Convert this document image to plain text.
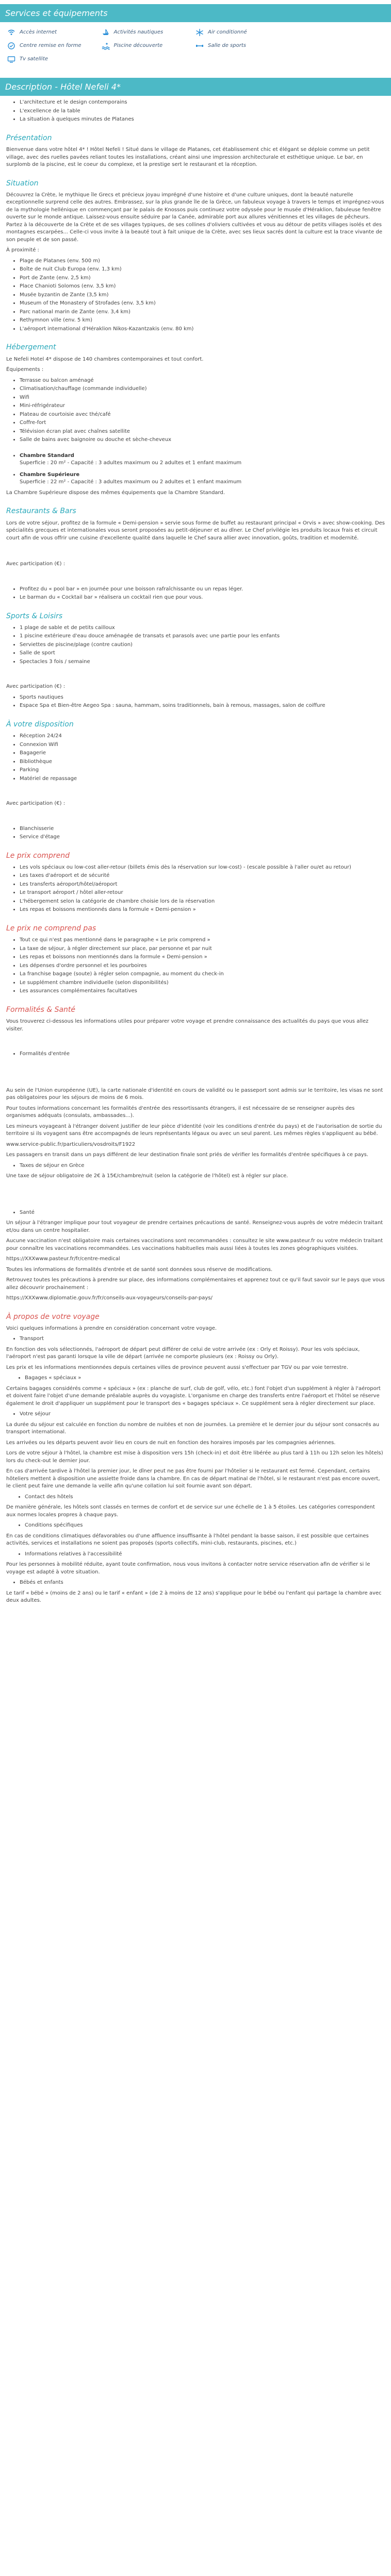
Services et équipements
Accès internet	Activités nautiques	Air conditionné
Centre remise en forme	Piscine découverte	Salle de sports
Tv satellite
Description - Hôtel Nefeli 4*
• L'architecture et le design contemporains
• L'excellence de la table
• La situation à quelques minutes de Platanes
Présentation

Bienvenue dans votre hôtel 4* ! Hôtel Nefeli ! Situé dans le village de Platanes, cet établissement chic et élégant se déploie comme un petit village, avec des ruelles pavées reliant toutes les installations, créant ainsi une impression architecturale et esthétique unique. Le bar, en surplomb de la piscine, est le coeur du complexe, et la prestige sert le restaurant et la réception.

Situation

Découvrez la Crète, le mythique île Grecs et précieux joyau imprégné d'une histoire et d'une culture uniques, dont la beauté naturelle exceptionnelle surprend celle des autres. Embrassez, sur la plus grande île de la Grèce, un fabuleux voyage à travers le temps et imprégnez-vous de la mythologie hellénique en commençant par le palais de Knossos puis continuez votre odyssée pour le musée d'Héraklion, fabuleuse fenêtre ouverte sur le monde antique. Laissez-vous ensuite séduire par la Canée, admirable port aux allures vénitiennes et les villages de pêcheurs. Partez à la découverte de la Crète et de ses villages typiques, de ses collines d'oliviers cultivées et vous au détour de petits villages isolés et des montagnes escarpées... Celle-ci vous invite à la beauté tout à fait unique de la Crète, avec ses lieux sacrés dont la culture est la trace vivante de son peuple et de son passé.

À proximité :

• Plage de Platanes (env. 500 m)
• Boîte de nuit Club Europa (env. 1,3 km)
• Port de Zante (env. 2,5 km)
• Place Chanioti Solomos (env. 3,5 km)
• Musée byzantin de Zante (3,5 km)
• Museum of the Monastery of Strofades (env. 3,5 km)
• Parc national marin de Zante (env. 3,4 km)
• Rethymnon ville (env. 5 km)
• L'aéroport international d'Héraklion Nikos-Kazantzakis (env. 80 km)
Hébergement

Le Nefeli Hotel 4* dispose de 140 chambres contemporaines et tout confort.

Équipements :

• Terrasse ou balcon aménagé
• Climatisation/chauffage (commande individuelle)
• Wifi
• Mini-réfrigérateur
• Plateau de courtoisie avec thé/café
• Coffre-fort
• Télévision écran plat avec chaînes satellite
• Salle de bains avec baignoire ou douche et sèche-cheveux
• Chambre Standard
Superficie : 20 m² - Capacité : 3 adultes maximum ou 2 adultes et 1 enfant maximum
• Chambre Supérieure
Superficie : 22 m² - Capacité : 3 adultes maximum ou 2 adultes et 1 enfant maximum

La Chambre Supérieure dispose des mêmes équipements que la Chambre Standard.

Restaurants & Bars

Lors de votre séjour, profitez de la formule « Demi-pension » servie sous forme de buffet au restaurant principal « Orvis » avec show-cooking. Des spécialités grecques et internationales vous seront proposées au petit-déjeuner et au dîner. Le Chef privilégie les produits locaux frais et circuit court afin de vous offrir une cuisine d'excellente qualité dans laquelle le Chef saura allier avec innovation, goûts, tradition et modernité.

Avec participation (€) :

• Profitez du « pool bar » en journée pour une boisson rafraîchissante ou un repas léger.
• Le barman du « Cocktail bar » réalisera un cocktail rien que pour vous.
Sports & Loisirs
• 1 plage de sable et de petits cailloux
• 1 piscine extérieure d'eau douce aménagée de transats et parasols avec une partie pour les enfants
• Serviettes de piscine/plage (contre caution)
• Salle de sport
• Spectacles 3 fois / semaine

Avec participation (€) :

• Sports nautiques
• Espace Spa et Bien-être Aegeo Spa : sauna, hammam, soins traditionnels, bain à remous, massages, salon de coiffure
À votre disposition
• Réception 24/24
• Connexion Wifi
• Bagagerie
• Bibliothèque
• Parking
• Matériel de repassage

Avec participation (€) :

• Blanchisserie
• Service d'étage
Le prix comprend
• Les vols spéciaux ou low-cost aller-retour (billets émis dès la réservation sur low-cost) - (escale possible à l'aller ou/et au retour)
• Les taxes d'aéroport et de sécurité
• Les transferts aéroport/hôtel/aéroport
• Le transport aéroport / hôtel aller-retour
• L'hébergement selon la catégorie de chambre choisie lors de la réservation
• Les repas et boissons mentionnés dans la formule « Demi-pension »
Le prix ne comprend pas
• Tout ce qui n'est pas mentionné dans le paragraphe « Le prix comprend »
• La taxe de séjour, à régler directement sur place, par personne et par nuit
• Les repas et boissons non mentionnés dans la formule « Demi-pension »
• Les dépenses d'ordre personnel et les pourboires
• La franchise bagage (soute) à régler selon compagnie, au moment du check-in
• Le supplément chambre individuelle (selon disponibilités)
• Les assurances complémentaires facultatives
Formalités & Santé

Vous trouverez ci-dessous les informations utiles pour préparer votre voyage et prendre connaissance des actualités du pays que vous allez visiter.

• Formalités d'entrée

Au sein de l'Union européenne (UE), la carte nationale d'identité en cours de validité ou le passeport sont admis sur le territoire, les visas ne sont pas obligatoires pour les séjours de moins de 6 mois.

Pour toutes informations concernant les formalités d'entrée des ressortissants étrangers, il est nécessaire de se renseigner auprès des organismes adéquats (consulats, ambassades...).

Les mineurs voyageant à l'étranger doivent justifier de leur pièce d'identité (voir les conditions d'entrée du pays) et de l'autorisation de sortie du territoire si ils voyagent sans être accompagnés de leurs représentants légaux ou avec un seul parent. Les mêmes règles s'appliquent au bébé.

www.service-public.fr/particuliers/vosdroits/F1922

Les passagers en transit dans un pays différent de leur destination finale sont priés de vérifier les formalités d'entrée spécifiques à ce pays.

• Taxes de séjour en Grèce

Une taxe de séjour obligatoire de 2€ à 15€/chambre/nuit (selon la catégorie de l'hôtel) est à régler sur place.

• Santé

Un séjour à l'étranger implique pour tout voyageur de prendre certaines précautions de santé. Renseignez-vous auprès de votre médecin traitant et/ou dans un centre hospitalier.

Aucune vaccination n'est obligatoire mais certaines vaccinations sont recommandées : consultez le site www.pasteur.fr ou votre médecin traitant pour connaître les vaccinations recommandées. Les vaccinations habituelles mais aussi liées à toutes les zones géographiques visitées.

https://XXXwww.pasteur.fr/fr/centre-medical

Toutes les informations de formalités d'entrée et de santé sont données sous réserve de modifications.

Retrouvez toutes les précautions à prendre sur place, des informations complémentaires et apprenez tout ce qu'il faut savoir sur le pays que vous allez découvrir prochainement :

https://XXXwww.diplomatie.gouv.fr/fr/conseils-aux-voyageurs/conseils-par-pays/

À propos de votre voyage

Voici quelques informations à prendre en considération concernant votre voyage.

• Transport

En fonction des vols sélectionnés, l'aéroport de départ peut différer de celui de votre arrivée (ex : Orly et Roissy). Pour les vols spéciaux, l'aéroport n'est pas garanti lorsque la ville de départ (arrivée ne comporte plusieurs (ex : Roissy ou Orly).

Les prix et les informations mentionnées depuis certaines villes de province peuvent aussi s'effectuer par TGV ou par voie terrestre.

• Bagages « spéciaux »

Certains bagages considérés comme « spéciaux » (ex : planche de surf, club de golf, vélo, etc.) font l'objet d'un supplément à régler à l'aéroport et doivent faire l'objet d'une demande préalable auprès du voyagiste. L'organisme en charge des transferts entre l'aéroport et l'hôtel se réserve également le droit d'appliquer un supplément pour le transport des « bagages spéciaux ». Ce supplément sera à régler directement sur place.

• Votre séjour

La durée du séjour est calculée en fonction du nombre de nuitées et non de journées. La première et le dernier jour du séjour sont consacrés au transport international.

Les arrivées ou les départs peuvent avoir lieu en cours de nuit en fonction des horaires imposés par les compagnies aériennes.

Lors de votre séjour à l'hôtel, la chambre est mise à disposition vers 15h (check-in) et doit être libérée au plus tard à 11h ou 12h selon les hôtels) lors du check-out le dernier jour.

En cas d'arrivée tardive à l'hôtel la premier jour, le dîner peut ne pas être fourni par l'hôtelier si le restaurant est fermé. Cependant, certains hôteliers mettent à disposition une assiette froide dans la chambre. En cas de départ matinal de l'hôtel, si le restaurant n'est pas encore ouvert, le client peut faire une demande la veille afin qu'une collation lui soit fournie avant son départ.

• Contact des hôtels

De manière générale, les hôtels sont classés en termes de confort et de service sur une échelle de 1 à 5 étoiles. Les catégories correspondent aux normes locales propres à chaque pays.

• Conditions spécifiques

En cas de conditions climatiques défavorables ou d'une affluence insuffisante à l'hôtel pendant la basse saison, il est possible que certaines activités, services et installations ne soient pas proposés (sports collectifs, mini-club, restaurants, piscines, etc.)

• Informations relatives à l'accessibilité

Pour les personnes à mobilité réduite, ayant toute confirmation, nous vous invitons à contacter notre service réservation afin de vérifier si le voyage est adapté à votre situation.

• Bébés et enfants

Le tarif « bébé » (moins de 2 ans) ou le tarif « enfant » (de 2 à moins de 12 ans) s'applique pour le bébé ou l'enfant qui partage la chambre avec deux adultes.
